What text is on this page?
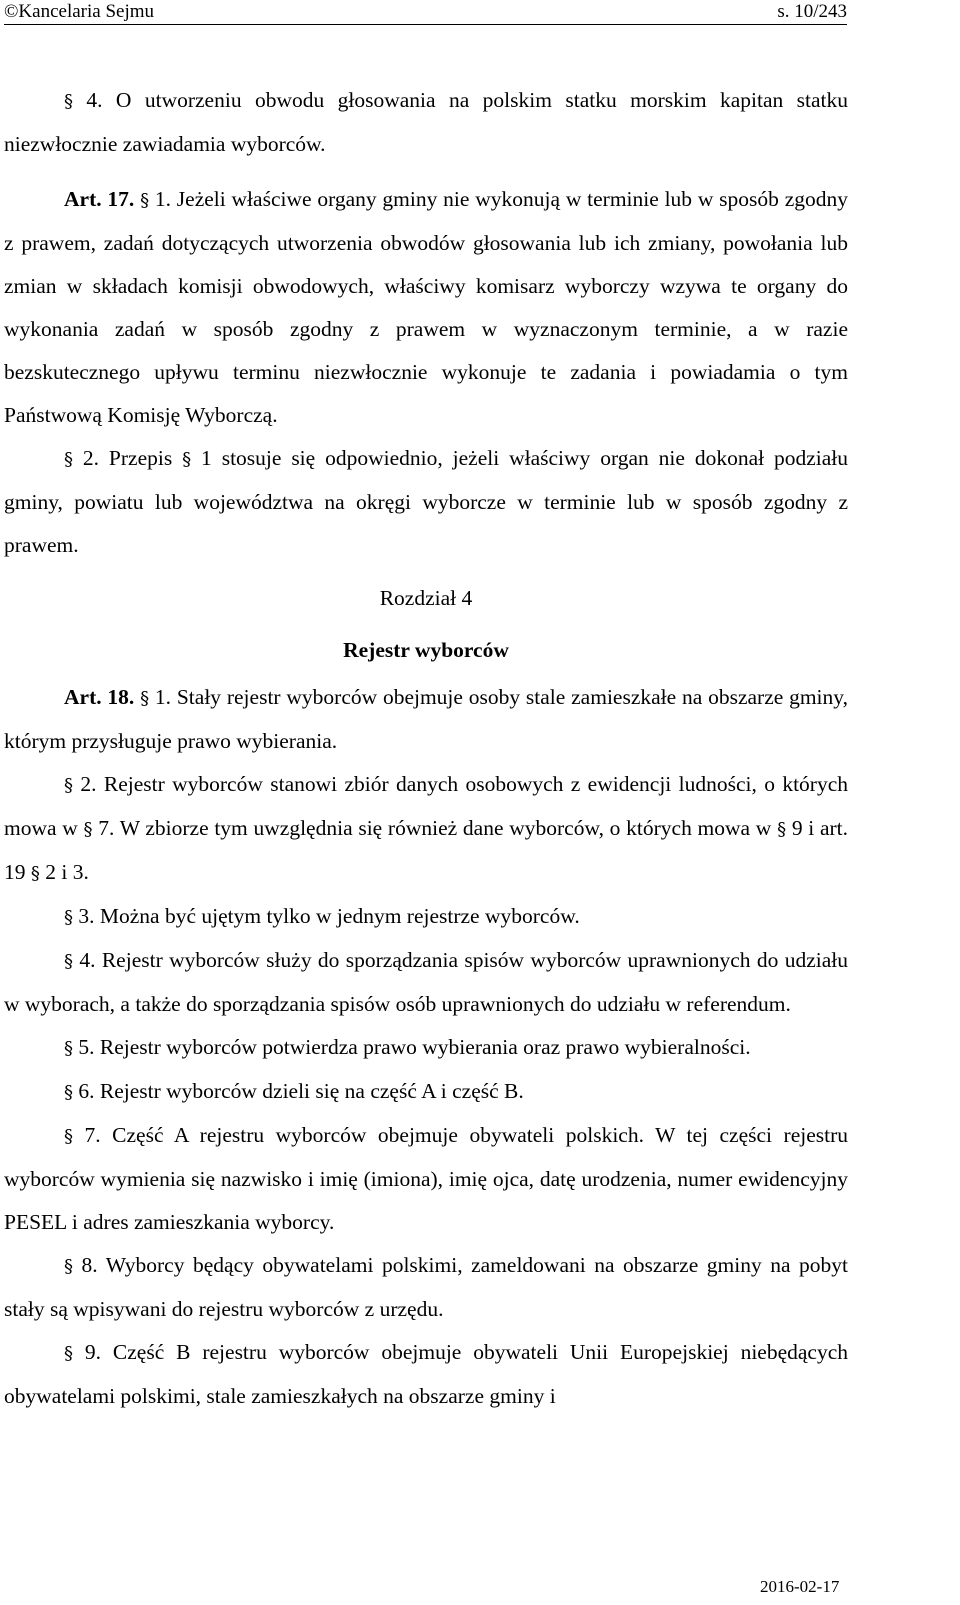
©Kancelaria Sejmu	s. 10/243

§ 4. O utworzeniu obwodu głosowania na polskim statku morskim kapitan statku niezwłocznie zawiadamia wyborców.

Art. 17. § 1. Jeżeli właściwe organy gminy nie wykonują w terminie lub w sposób zgodny z prawem, zadań dotyczących utworzenia obwodów głosowania lub ich zmiany, powołania lub zmian w składach komisji obwodowych, właściwy komisarz wyborczy wzywa te organy do wykonania zadań w sposób zgodny z prawem w wyznaczonym terminie, a w razie bezskutecznego upływu terminu niezwłocznie wykonuje te zadania i powiadamia o tym Państwową Komisję Wyborczą.

§ 2. Przepis § 1 stosuje się odpowiednio, jeżeli właściwy organ nie dokonał podziału gminy, powiatu lub województwa na okręgi wyborcze w terminie lub w sposób zgodny z prawem.

Rozdział 4

Rejestr wyborców

Art. 18. § 1. Stały rejestr wyborców obejmuje osoby stale zamieszkałe na obszarze gminy, którym przysługuje prawo wybierania.

§ 2. Rejestr wyborców stanowi zbiór danych osobowych z ewidencji ludności, o których mowa w § 7. W zbiorze tym uwzględnia się również dane wyborców, o których mowa w § 9 i art. 19 § 2 i 3.

§ 3. Można być ujętym tylko w jednym rejestrze wyborców.

§ 4. Rejestr wyborców służy do sporządzania spisów wyborców uprawnionych do udziału w wyborach, a także do sporządzania spisów osób uprawnionych do udziału w referendum.

§ 5. Rejestr wyborców potwierdza prawo wybierania oraz prawo wybieralności.

§ 6. Rejestr wyborców dzieli się na część A i część B.

§ 7. Część A rejestru wyborców obejmuje obywateli polskich. W tej części rejestru wyborców wymienia się nazwisko i imię (imiona), imię ojca, datę urodzenia, numer ewidencyjny PESEL i adres zamieszkania wyborcy.

§ 8. Wyborcy będący obywatelami polskimi, zameldowani na obszarze gminy na pobyt stały są wpisywani do rejestru wyborców z urzędu.

§ 9. Część B rejestru wyborców obejmuje obywateli Unii Europejskiej niebędących obywatelami polskimi, stale zamieszkałych na obszarze gminy i

2016-02-17
